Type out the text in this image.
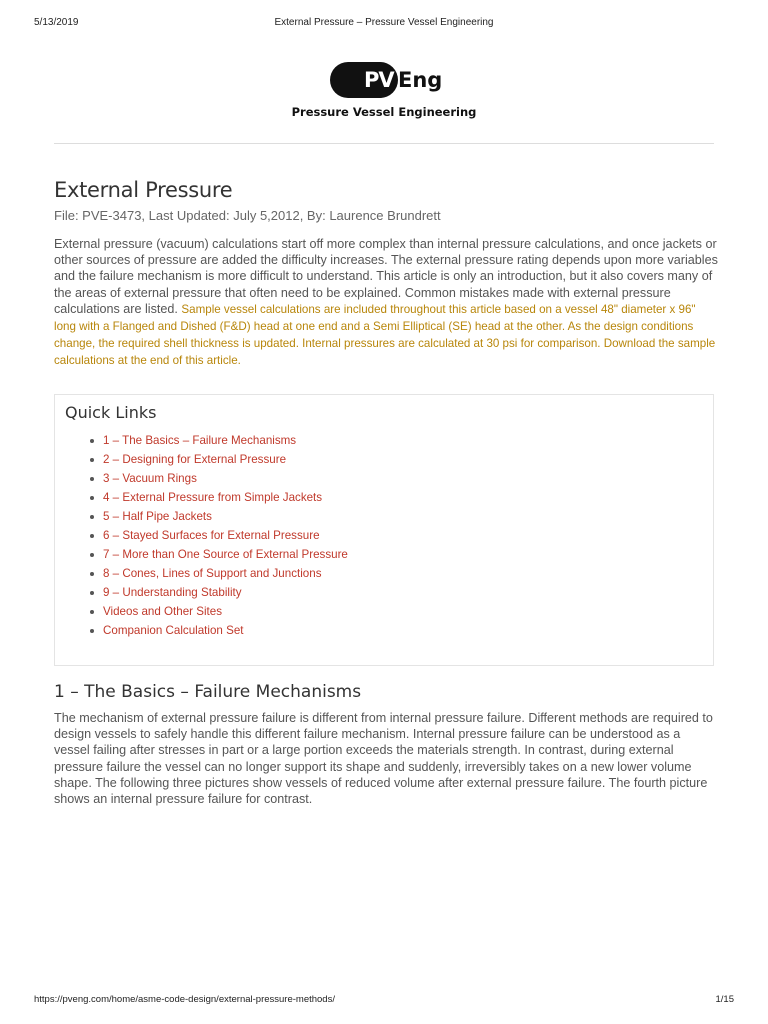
5/13/2019	External Pressure – Pressure Vessel Engineering
PV Eng
Pressure Vessel Engineering
External Pressure
File: PVE-3473, Last Updated: July 5,2012, By: Laurence Brundrett

External pressure (vacuum) calculations start off more complex than internal pressure calculations, and once jackets or other sources of pressure are added the difficulty increases. The external pressure rating depends upon more variables and the failure mechanism is more difficult to understand. This article is only an introduction, but it also covers many of the areas of external pressure that often need to be explained. Common mistakes made with external pressure calculations are listed. Sample vessel calculations are included throughout this article based on a vessel 48" diameter x 96" long with a Flanged and Dished (F&D) head at one end and a Semi Elliptical (SE) head at the other. As the design conditions change, the required shell thickness is updated. Internal pressures are calculated at 30 psi for comparison. Download the sample calculations at the end of this article.

Quick Links
1 – The Basics – Failure Mechanisms
2 – Designing for External Pressure
3 – Vacuum Rings
4 – External Pressure from Simple Jackets
5 – Half Pipe Jackets
6 – Stayed Surfaces for External Pressure
7 – More than One Source of External Pressure
8 – Cones, Lines of Support and Junctions
9 – Understanding Stability
Videos and Other Sites
Companion Calculation Set
1 – The Basics – Failure Mechanisms

The mechanism of external pressure failure is different from internal pressure failure. Different methods are required to design vessels to safely handle this different failure mechanism. Internal pressure failure can be understood as a vessel failing after stresses in part or a large portion exceeds the materials strength. In contrast, during external pressure failure the vessel can no longer support its shape and suddenly, irreversibly takes on a new lower volume shape. The following three pictures show vessels of reduced volume after external pressure failure. The fourth picture shows an internal pressure failure for contrast.

https://pveng.com/home/asme-code-design/external-pressure-methods/	1/15
